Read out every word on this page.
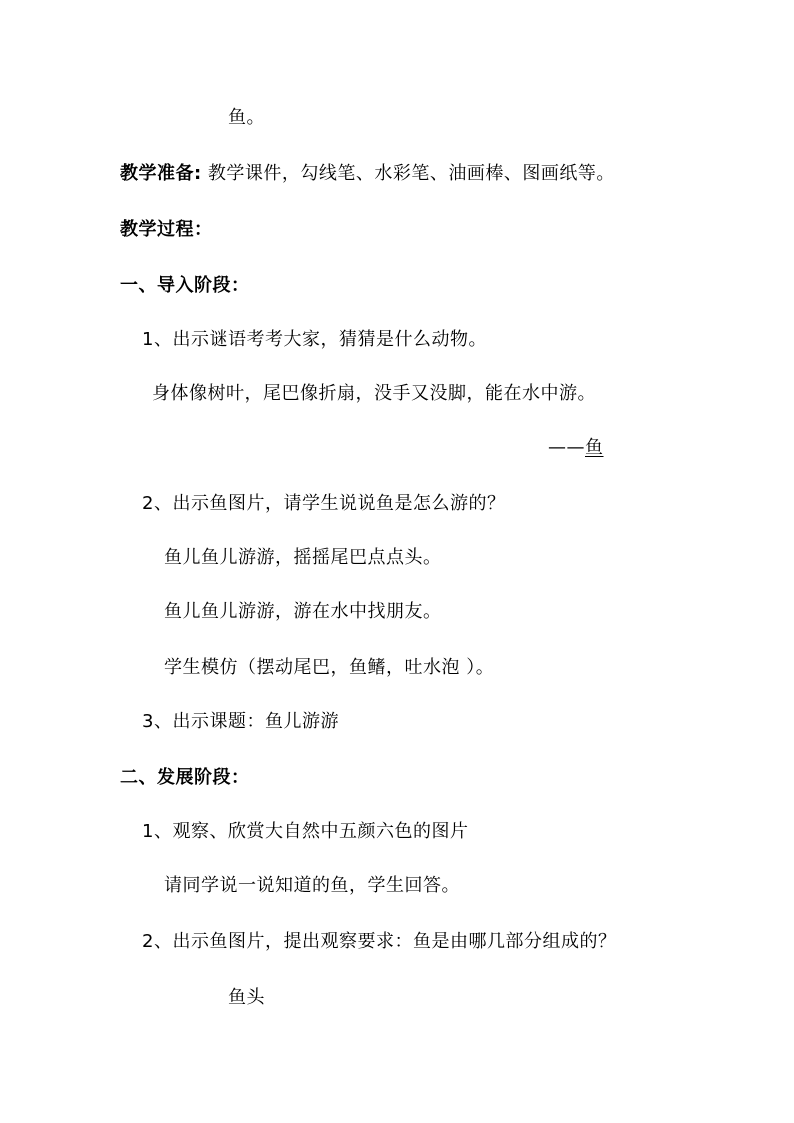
鱼。
教学准备: 教学课件，勾线笔、水彩笔、油画棒、图画纸等。
教学过程：
一、导入阶段：
1、出示谜语考考大家，猜猜是什么动物。
身体像树叶，尾巴像折扇，没手又没脚，能在水中游。
——鱼
2、出示鱼图片，请学生说说鱼是怎么游的？
鱼儿鱼儿游游，摇摇尾巴点点头。
鱼儿鱼儿游游，游在水中找朋友。
学生模仿（摆动尾巴，鱼鳍，吐水泡 ）。
3、出示课题：鱼儿游游
二、发展阶段：
1、观察、欣赏大自然中五颜六色的图片
请同学说一说知道的鱼，学生回答。
2、出示鱼图片，提出观察要求：鱼是由哪几部分组成的？
鱼头
